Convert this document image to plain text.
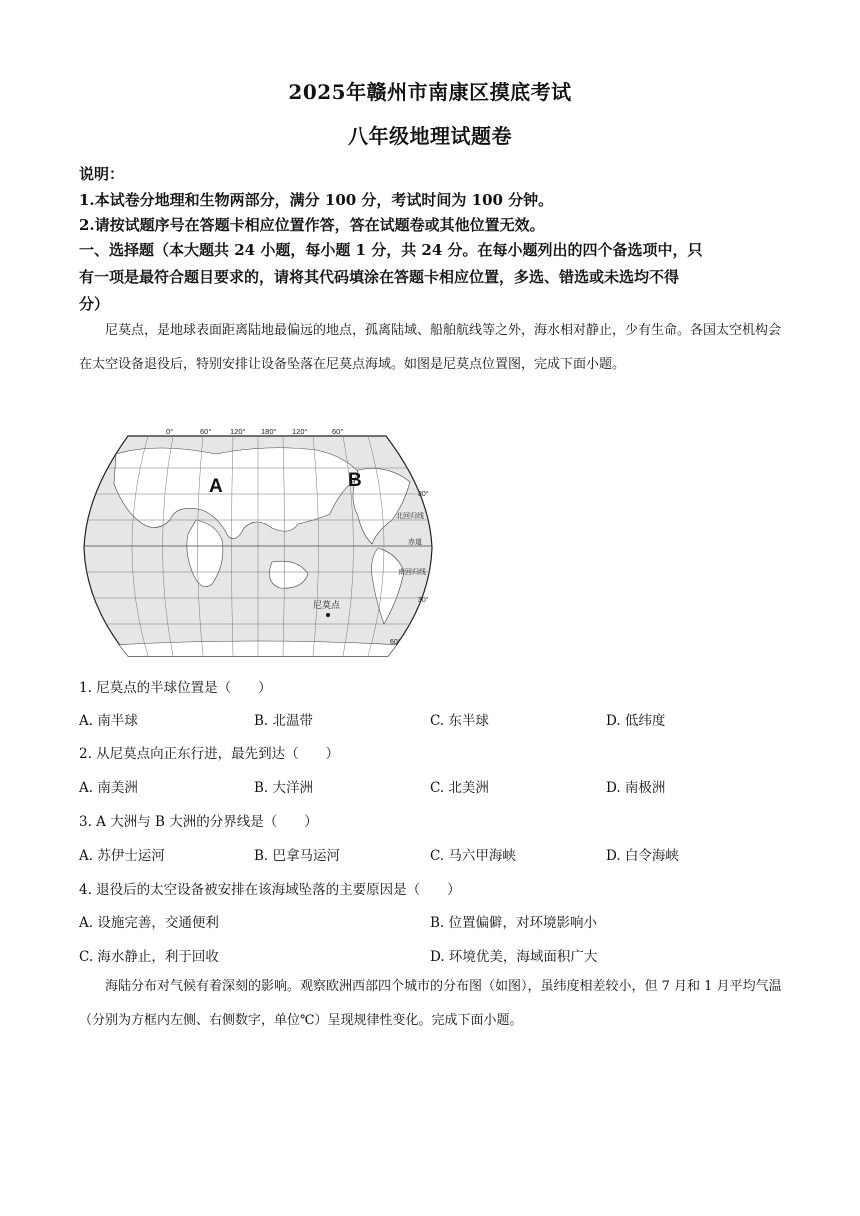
2025年赣州市南康区摸底考试
八年级地理试题卷
说明：
1.本试卷分地理和生物两部分，满分 100 分，考试时间为 100 分钟。
2.请按试题序号在答题卡相应位置作答，答在试题卷或其他位置无效。
一、选择题（本大题共 24 小题，每小题 1 分，共 24 分。在每小题列出的四个备选项中，只
有一项是最符合题目要求的，请将其代码填涂在答题卡相应位置，多选、错选或未选均不得
分）
尼莫点，是地球表面距离陆地最偏远的地点，孤离陆域、船舶航线等之外，海水相对静止，少有生命。各国太空机构会在太空设备退役后，特别安排让设备坠落在尼莫点海域。如图是尼莫点位置图，完成下面小题。
0°	60° 120° 180° 120°	60°
30°
北回归线
赤道
南回归线
30°
60°
A	B
尼莫点
1. 尼莫点的半球位置是（　　）
A. 南半球	B. 北温带	C. 东半球	D. 低纬度
2. 从尼莫点向正东行进，最先到达（　　）
A. 南美洲	B. 大洋洲	C. 北美洲	D. 南极洲
3. A 大洲与 B 大洲的分界线是（　　）
A. 苏伊士运河	B. 巴拿马运河	C. 马六甲海峡	D. 白令海峡
4. 退役后的太空设备被安排在该海域坠落的主要原因是（　　）
A. 设施完善，交通便利	B. 位置偏僻，对环境影响小
C. 海水静止，利于回收	D. 环境优美，海域面积广大
海陆分布对气候有着深刻的影响。观察欧洲西部四个城市的分布图（如图），虽纬度相差较小，但 7 月和 1 月平均气温（分别为方框内左侧、右侧数字，单位℃）呈现规律性变化。完成下面小题。
